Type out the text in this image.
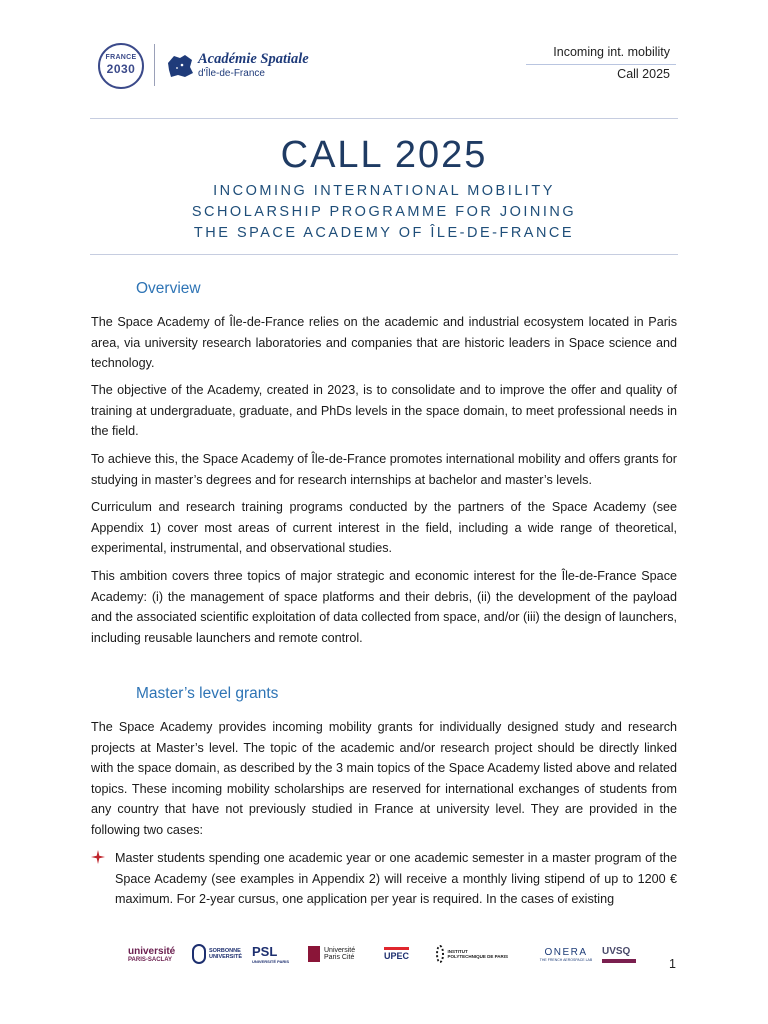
FRANCE
2030
Académie Spatiale
d'Île-de-France
Incoming int. mobility
Call 2025
CALL 2025
INCOMING INTERNATIONAL MOBILITY
SCHOLARSHIP PROGRAMME FOR JOINING
THE SPACE ACADEMY OF ÎLE-DE-FRANCE
Overview

The Space Academy of Île-de-France relies on the academic and industrial ecosystem located in Paris area, via university research laboratories and companies that are historic leaders in Space science and technology.

The objective of the Academy, created in 2023, is to consolidate and to improve the offer and quality of training at undergraduate, graduate, and PhDs levels in the space domain, to meet professional needs in the field.

To achieve this, the Space Academy of Île-de-France promotes international mobility and offers grants for studying in master’s degrees and for research internships at bachelor and master’s levels.

Curriculum and research training programs conducted by the partners of the Space Academy (see Appendix 1) cover most areas of current interest in the field, including a wide range of theoretical, experimental, instrumental, and observational studies.

This ambition covers three topics of major strategic and economic interest for the Île-de-France Space Academy: (i) the management of space platforms and their debris, (ii) the development of the payload and the associated scientific exploitation of data collected from space, and/or (iii) the design of launchers, including reusable launchers and remote control.

Master’s level grants

The Space Academy provides incoming mobility grants for individually designed study and research projects at Master’s level. The topic of the academic and/or research project should be directly linked with the space domain, as described by the 3 main topics of the Space Academy listed above and related topics. These incoming mobility scholarships are reserved for international exchanges of students from any country that have not previously studied in France at university level. They are provided in the following two cases:

Master students spending one academic year or one academic semester in a master program of the Space Academy (see examples in Appendix 2) will receive a monthly living stipend of up to 1200 € maximum. For 2-year cursus, one application per year is required. In the cases of existing

université
PARIS-SACLAY
SORBONNE
UNIVERSITÉ PSL
UNIVERSITÉ PARIS
Université
Paris Cité	UPEC	INSTITUT
POLYTECHNIQUE DE PARIS	ONERA
THE FRENCH AEROSPACE LAB
UVSQ
1
